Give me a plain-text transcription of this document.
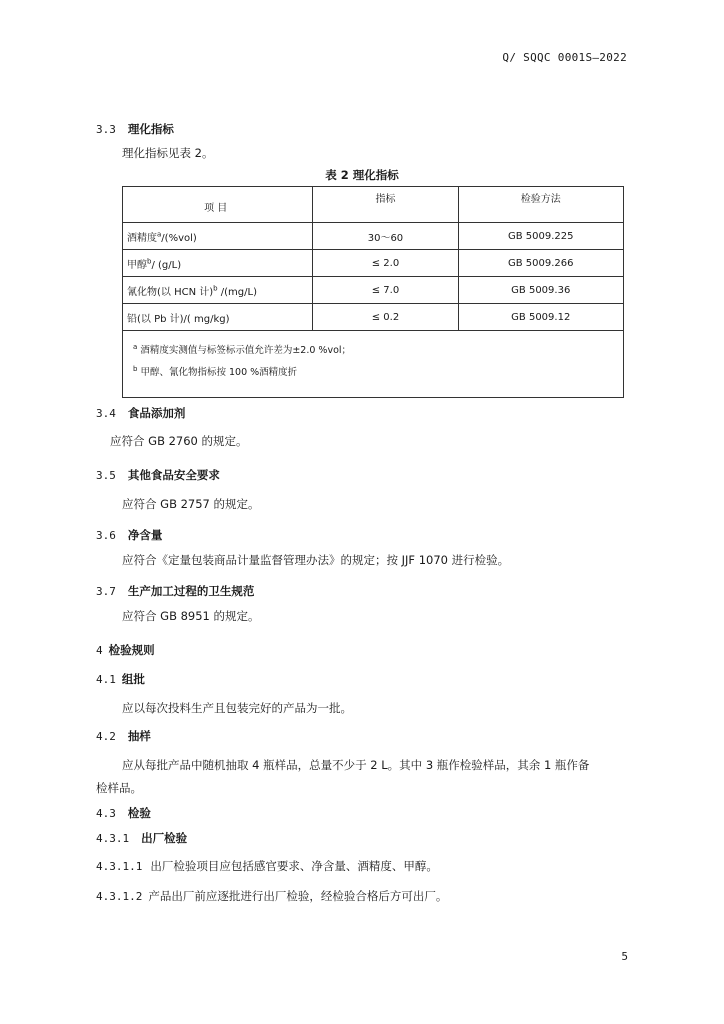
Q/ SQQC 0001S—2022
3.3 理化指标
理化指标见表 2。
表 2 理化指标
项 目	指标	检验方法
酒精度$^a$/(%vol)	30～60	GB 5009.225
甲醇$^b$/ (g/L)	≤ 2.0	GB 5009.266
氰化物(以 HCN 计)$^b$ /(mg/L)	≤ 7.0	GB 5009.36
铅(以 Pb 计)/( mg/kg)	≤ 0.2	GB 5009.12

$^a$ 酒精度实测值与标签标示值允许差为±2.0 %vol；
$^b$ 甲醇、氰化物指标按 100 %酒精度折		
3.4 食品添加剂
应符合 GB 2760 的规定。
3.5 其他食品安全要求
应符合 GB 2757 的规定。
3.6 净含量
应符合《定量包装商品计量监督管理办法》的规定；按 JJF 1070 进行检验。
3.7 生产加工过程的卫生规范
应符合 GB 8951 的规定。
4 检验规则
4.1 组批
应以每次投料生产且包装完好的产品为一批。
4.2 抽样
应从每批产品中随机抽取 4 瓶样品，总量不少于 2 L。其中 3 瓶作检验样品，其余 1 瓶作备
检样品。
4.3 检验
4.3.1 出厂检验
4.3.1.1 出厂检验项目应包括感官要求、净含量、酒精度、甲醇。
4.3.1.2 产品出厂前应逐批进行出厂检验，经检验合格后方可出厂。
5
